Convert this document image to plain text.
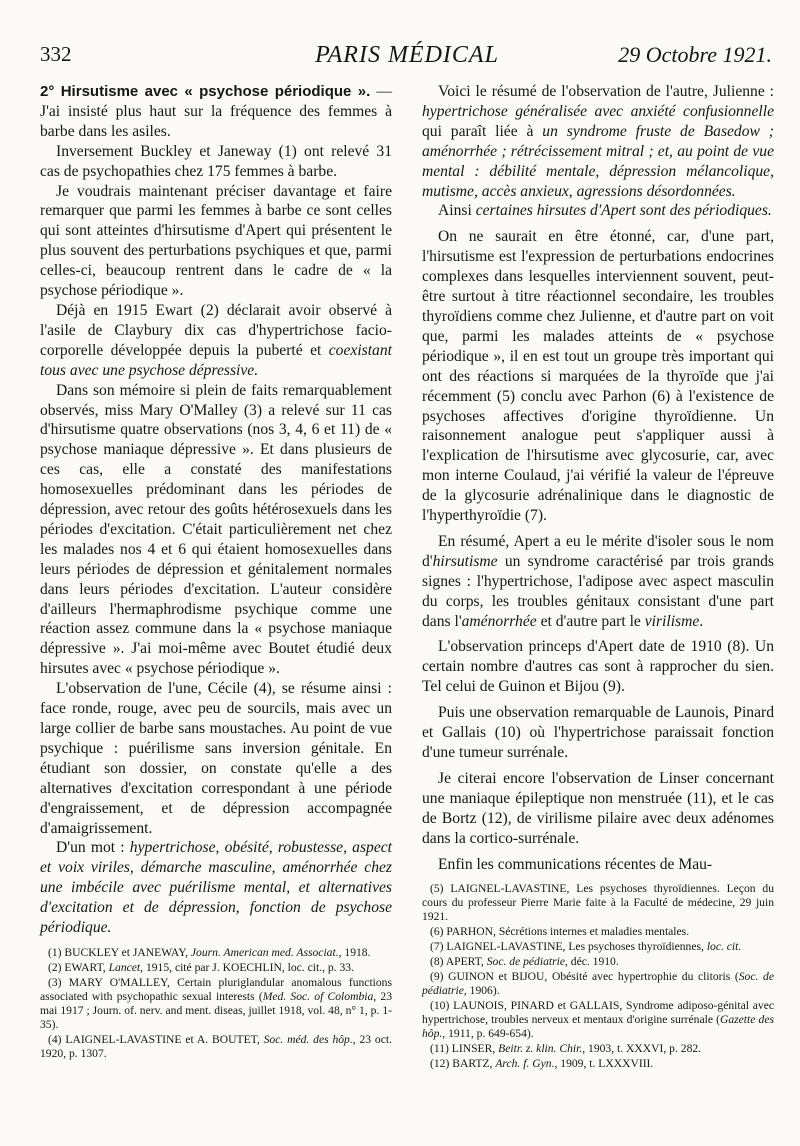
332	PARIS MÉDICAL	29 Octobre 1921.

2° Hirsutisme avec « psychose périodique ». — J'ai insisté plus haut sur la fréquence des femmes à barbe dans les asiles.

Inversement Buckley et Janeway (1) ont relevé 31 cas de psychopathies chez 175 femmes à barbe.

Je voudrais maintenant préciser davantage et faire remarquer que parmi les femmes à barbe ce sont celles qui sont atteintes d'hirsutisme d'Apert qui présentent le plus souvent des perturbations psychiques et que, parmi celles-ci, beaucoup rentrent dans le cadre de « la psychose périodique ».

Déjà en 1915 Ewart (2) déclarait avoir observé à l'asile de Claybury dix cas d'hypertrichose facio-corporelle développée depuis la puberté et coexistant tous avec une psychose dépressive.

Dans son mémoire si plein de faits remarquablement observés, miss Mary O'Malley (3) a relevé sur 11 cas d'hirsutisme quatre observations (nos 3, 4, 6 et 11) de « psychose maniaque dépressive ». Et dans plusieurs de ces cas, elle a constaté des manifestations homosexuelles prédominant dans les périodes de dépression, avec retour des goûts hétérosexuels dans les périodes d'excitation. C'était particulièrement net chez les malades nos 4 et 6 qui étaient homosexuelles dans leurs périodes de dépression et génitalement normales dans leurs périodes d'excitation. L'auteur considère d'ailleurs l'hermaphrodisme psychique comme une réaction assez commune dans la « psychose maniaque dépressive ». J'ai moi-même avec Boutet étudié deux hirsutes avec « psychose périodique ».

L'observation de l'une, Cécile (4), se résume ainsi : face ronde, rouge, avec peu de sourcils, mais avec un large collier de barbe sans moustaches. Au point de vue psychique : puérilisme sans inversion génitale. En étudiant son dossier, on constate qu'elle a des alternatives d'excitation correspondant à une période d'engraissement, et de dépression accompagnée d'amaigrissement.

D'un mot : hypertrichose, obésité, robustesse, aspect et voix viriles, démarche masculine, aménorrhée chez une imbécile avec puérilisme mental, et alternatives d'excitation et de dépression, fonction de psychose périodique.

(1) BUCKLEY et JANEWAY, Journ. American med. Associat., 1918.

(2) EWART, Lancet, 1915, cité par J. KOECHLIN, loc. cit., p. 33.

(3) MARY O'MALLEY, Certain pluriglandular anomalous functions associated with psychopathic sexual interests (Med. Soc. of Colombia, 23 mai 1917 ; Journ. of. nerv. and ment. diseas, juillet 1918, vol. 48, n° 1, p. 1-35).

(4) LAIGNEL-LAVASTINE et A. BOUTET, Soc. méd. des hôp., 23 oct. 1920, p. 1307.

Voici le résumé de l'observation de l'autre, Julienne : hypertrichose généralisée avec anxiété confusionnelle qui paraît liée à un syndrome fruste de Basedow ; aménorrhée ; rétrécissement mitral ; et, au point de vue mental : débilité mentale, dépression mélancolique, mutisme, accès anxieux, agressions désordonnées.

Ainsi certaines hirsutes d'Apert sont des périodiques.

On ne saurait en être étonné, car, d'une part, l'hirsutisme est l'expression de perturbations endocrines complexes dans lesquelles interviennent souvent, peut-être surtout à titre réactionnel secondaire, les troubles thyroïdiens comme chez Julienne, et d'autre part on voit que, parmi les malades atteints de « psychose périodique », il en est tout un groupe très important qui ont des réactions si marquées de la thyroïde que j'ai récemment (5) conclu avec Parhon (6) à l'existence de psychoses affectives d'origine thyroïdienne. Un raisonnement analogue peut s'appliquer aussi à l'explication de l'hirsutisme avec glycosurie, car, avec mon interne Coulaud, j'ai vérifié la valeur de l'épreuve de la glycosurie adrénalinique dans le diagnostic de l'hyperthyroïdie (7).

En résumé, Apert a eu le mérite d'isoler sous le nom d'hirsutisme un syndrome caractérisé par trois grands signes : l'hypertrichose, l'adipose avec aspect masculin du corps, les troubles génitaux consistant d'une part dans l'aménorrhée et d'autre part le virilisme.

L'observation princeps d'Apert date de 1910 (8). Un certain nombre d'autres cas sont à rapprocher du sien. Tel celui de Guinon et Bijou (9).

Puis une observation remarquable de Launois, Pinard et Gallais (10) où l'hypertrichose paraissait fonction d'une tumeur surrénale.

Je citerai encore l'observation de Linser concernant une maniaque épileptique non menstruée (11), et le cas de Bortz (12), de virilisme pilaire avec deux adénomes dans la cortico-surrénale.

Enfin les communications récentes de Mau-

(5) LAIGNEL-LAVASTINE, Les psychoses thyroïdiennes. Leçon du cours du professeur Pierre Marie faite à la Faculté de médecine, 29 juin 1921.

(6) PARHON, Sécrétions internes et maladies mentales.

(7) LAIGNEL-LAVASTINE, Les psychoses thyroïdiennes, loc. cit.

(8) APERT, Soc. de pédiatrie, déc. 1910.

(9) GUINON et BIJOU, Obésité avec hypertrophie du clitoris (Soc. de pédiatrie, 1906).

(10) LAUNOIS, PINARD et GALLAIS, Syndrome adiposo-génital avec hypertrichose, troubles nerveux et mentaux d'origine surrénale (Gazette des hôp., 1911, p. 649-654).

(11) LINSER, Beitr. z. klin. Chir., 1903, t. XXXVI, p. 282.

(12) BARTZ, Arch. f. Gyn., 1909, t. LXXXVIII.
